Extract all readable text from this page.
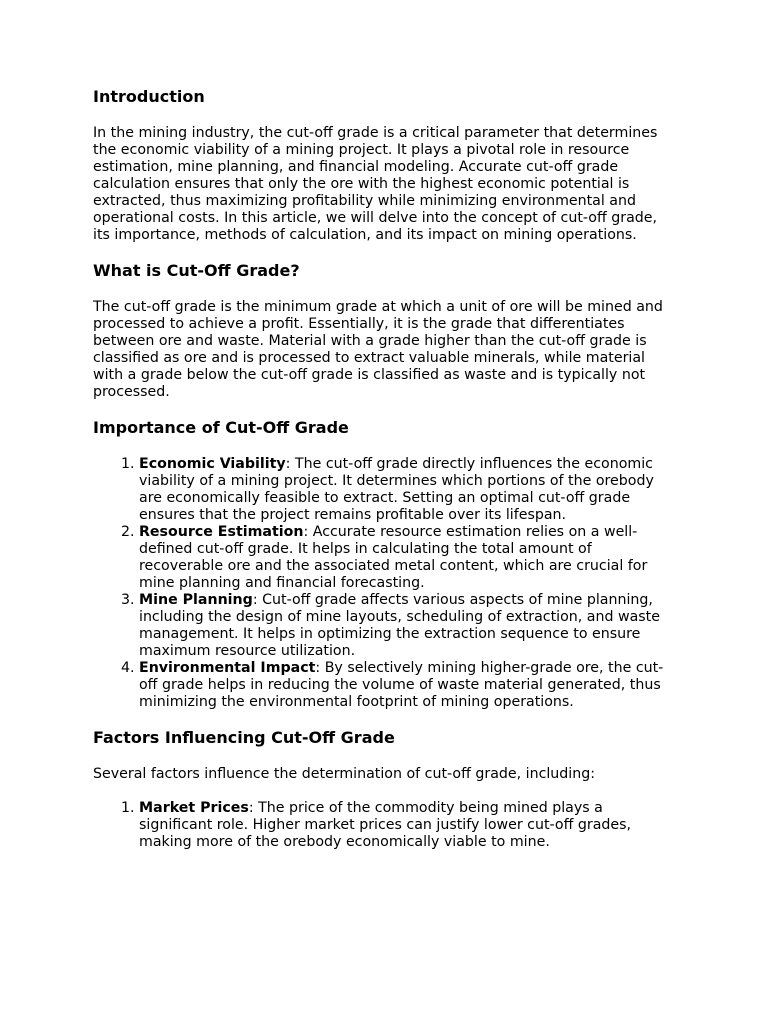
Introduction

In the mining industry, the cut-off grade is a critical parameter that determines the economic viability of a mining project. It plays a pivotal role in resource estimation, mine planning, and financial modeling. Accurate cut-off grade calculation ensures that only the ore with the highest economic potential is extracted, thus maximizing profitability while minimizing environmental and operational costs. In this article, we will delve into the concept of cut-off grade, its importance, methods of calculation, and its impact on mining operations.

What is Cut-Off Grade?

The cut-off grade is the minimum grade at which a unit of ore will be mined and processed to achieve a profit. Essentially, it is the grade that differentiates between ore and waste. Material with a grade higher than the cut-off grade is classified as ore and is processed to extract valuable minerals, while material with a grade below the cut-off grade is classified as waste and is typically not processed.

Importance of Cut-Off Grade
1. Economic Viability: The cut-off grade directly influences the economic viability of a mining project. It determines which portions of the orebody are economically feasible to extract. Setting an optimal cut-off grade ensures that the project remains profitable over its lifespan.
2. Resource Estimation: Accurate resource estimation relies on a well-defined cut-off grade. It helps in calculating the total amount of recoverable ore and the associated metal content, which are crucial for mine planning and financial forecasting.
3. Mine Planning: Cut-off grade affects various aspects of mine planning, including the design of mine layouts, scheduling of extraction, and waste management. It helps in optimizing the extraction sequence to ensure maximum resource utilization.
4. Environmental Impact: By selectively mining higher-grade ore, the cut-off grade helps in reducing the volume of waste material generated, thus minimizing the environmental footprint of mining operations.
Factors Influencing Cut-Off Grade

Several factors influence the determination of cut-off grade, including:

1. Market Prices: The price of the commodity being mined plays a significant role. Higher market prices can justify lower cut-off grades, making more of the orebody economically viable to mine.
